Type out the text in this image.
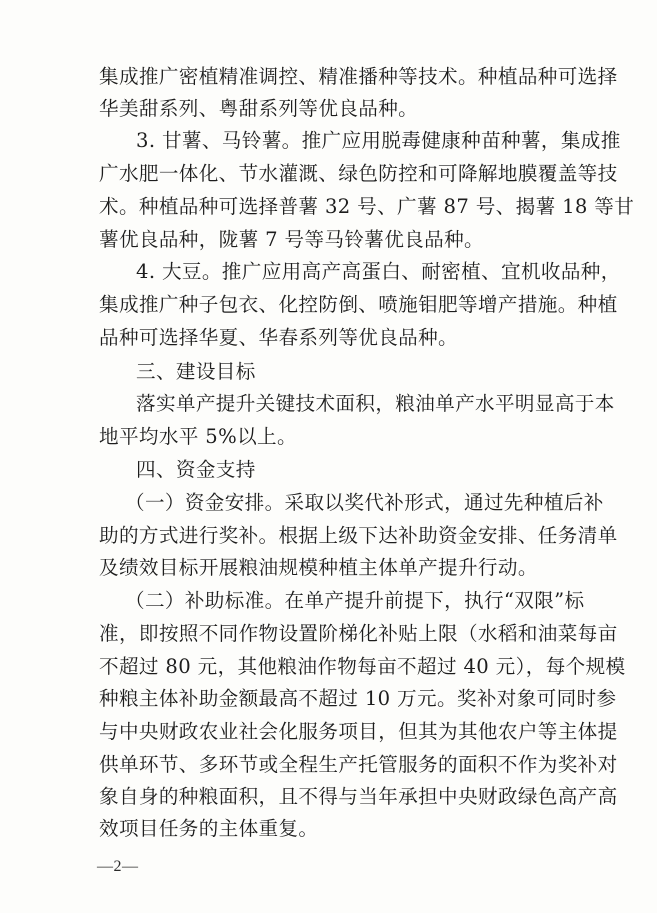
集成推广密植精准调控、精准播种等技术。种植品种可选择
华美甜系列、粤甜系列等优良品种。
3. 甘薯、马铃薯。推广应用脱毒健康种苗种薯，集成推
广水肥一体化、节水灌溉、绿色防控和可降解地膜覆盖等技
术。种植品种可选择普薯 32 号、广薯 87 号、揭薯 18 等甘
薯优良品种，陇薯 7 号等马铃薯优良品种。
4. 大豆。推广应用高产高蛋白、耐密植、宜机收品种，
集成推广种子包衣、化控防倒、喷施钼肥等增产措施。种植
品种可选择华夏、华春系列等优良品种。
三、建设目标
落实单产提升关键技术面积，粮油单产水平明显高于本
地平均水平 5%以上。
四、资金支持
（一）资金安排。采取以奖代补形式，通过先种植后补
助的方式进行奖补。根据上级下达补助资金安排、任务清单
及绩效目标开展粮油规模种植主体单产提升行动。
（二）补助标准。在单产提升前提下，执行“双限”标
准，即按照不同作物设置阶梯化补贴上限（水稻和油菜每亩
不超过 80 元，其他粮油作物每亩不超过 40 元），每个规模
种粮主体补助金额最高不超过 10 万元。奖补对象可同时参
与中央财政农业社会化服务项目，但其为其他农户等主体提
供单环节、多环节或全程生产托管服务的面积不作为奖补对
象自身的种粮面积，且不得与当年承担中央财政绿色高产高
效项目任务的主体重复。
—2—
